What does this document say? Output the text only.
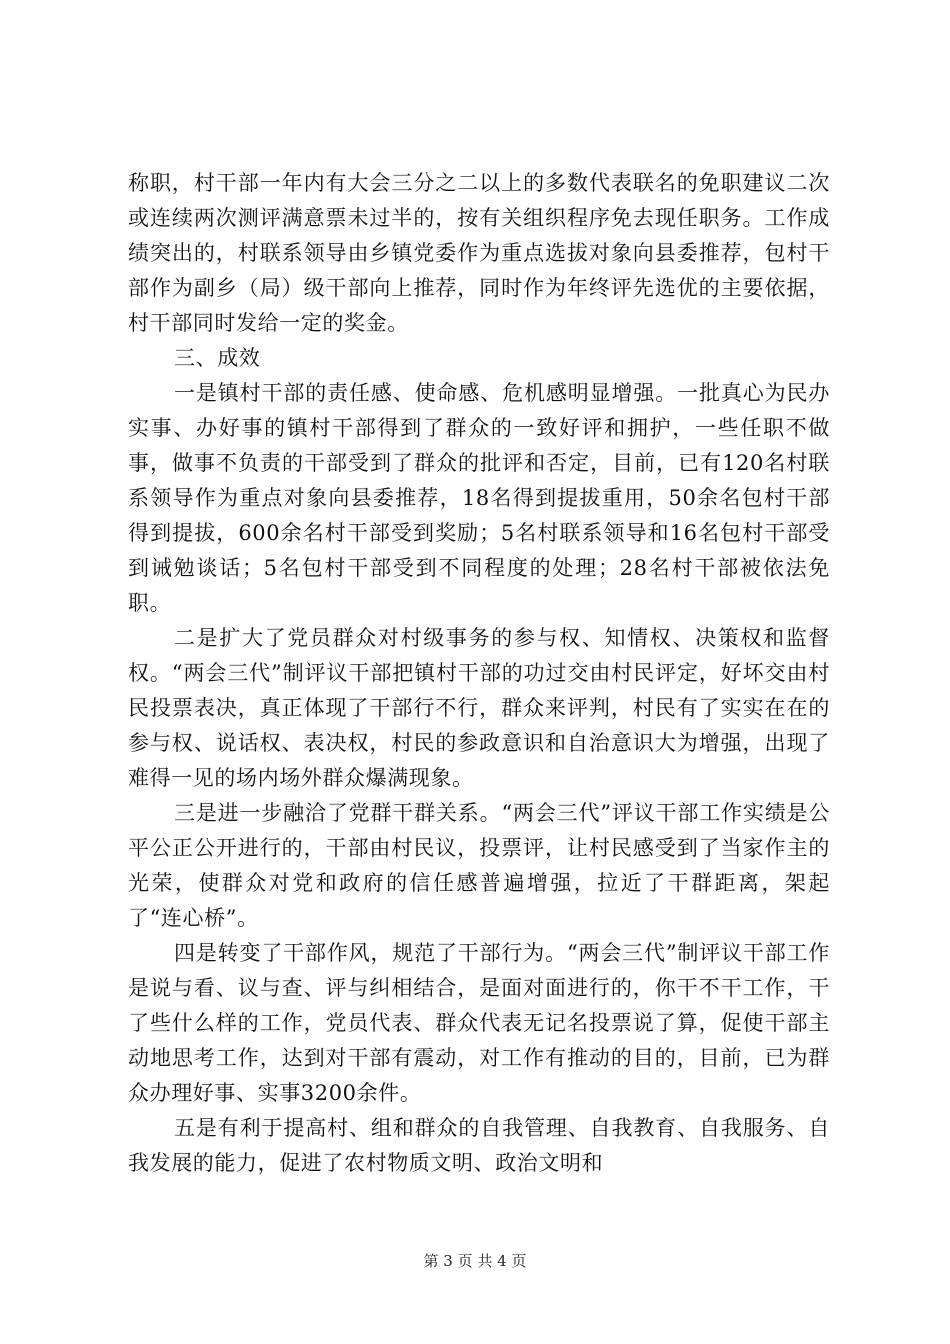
称职，村干部一年内有大会三分之二以上的多数代表联名的免职建议二次或连续两次测评满意票未过半的，按有关组织程序免去现任职务。工作成绩突出的，村联系领导由乡镇党委作为重点选拔对象向县委推荐，包村干部作为副乡（局）级干部向上推荐，同时作为年终评先选优的主要依据，村干部同时发给一定的奖金。

三、成效

一是镇村干部的责任感、使命感、危机感明显增强。一批真心为民办实事、办好事的镇村干部得到了群众的一致好评和拥护，一些任职不做事，做事不负责的干部受到了群众的批评和否定，目前，已有120名村联系领导作为重点对象向县委推荐，18名得到提拔重用，50余名包村干部得到提拔，600余名村干部受到奖励；5名村联系领导和16名包村干部受到诫勉谈话；5名包村干部受到不同程度的处理；28名村干部被依法免职。

二是扩大了党员群众对村级事务的参与权、知情权、决策权和监督权。“两会三代”制评议干部把镇村干部的功过交由村民评定，好坏交由村民投票表决，真正体现了干部行不行，群众来评判，村民有了实实在在的参与权、说话权、表决权，村民的参政意识和自治意识大为增强，出现了难得一见的场内场外群众爆满现象。

三是进一步融洽了党群干群关系。“两会三代”评议干部工作实绩是公平公正公开进行的，干部由村民议，投票评，让村民感受到了当家作主的光荣，使群众对党和政府的信任感普遍增强，拉近了干群距离，架起了“连心桥”。

四是转变了干部作风，规范了干部行为。“两会三代”制评议干部工作是说与看、议与查、评与纠相结合，是面对面进行的，你干不干工作，干了些什么样的工作，党员代表、群众代表无记名投票说了算，促使干部主动地思考工作，达到对干部有震动，对工作有推动的目的，目前，已为群众办理好事、实事3200余件。

五是有利于提高村、组和群众的自我管理、自我教育、自我服务、自我发展的能力，促进了农村物质文明、政治文明和

第 3 页 共 4 页
